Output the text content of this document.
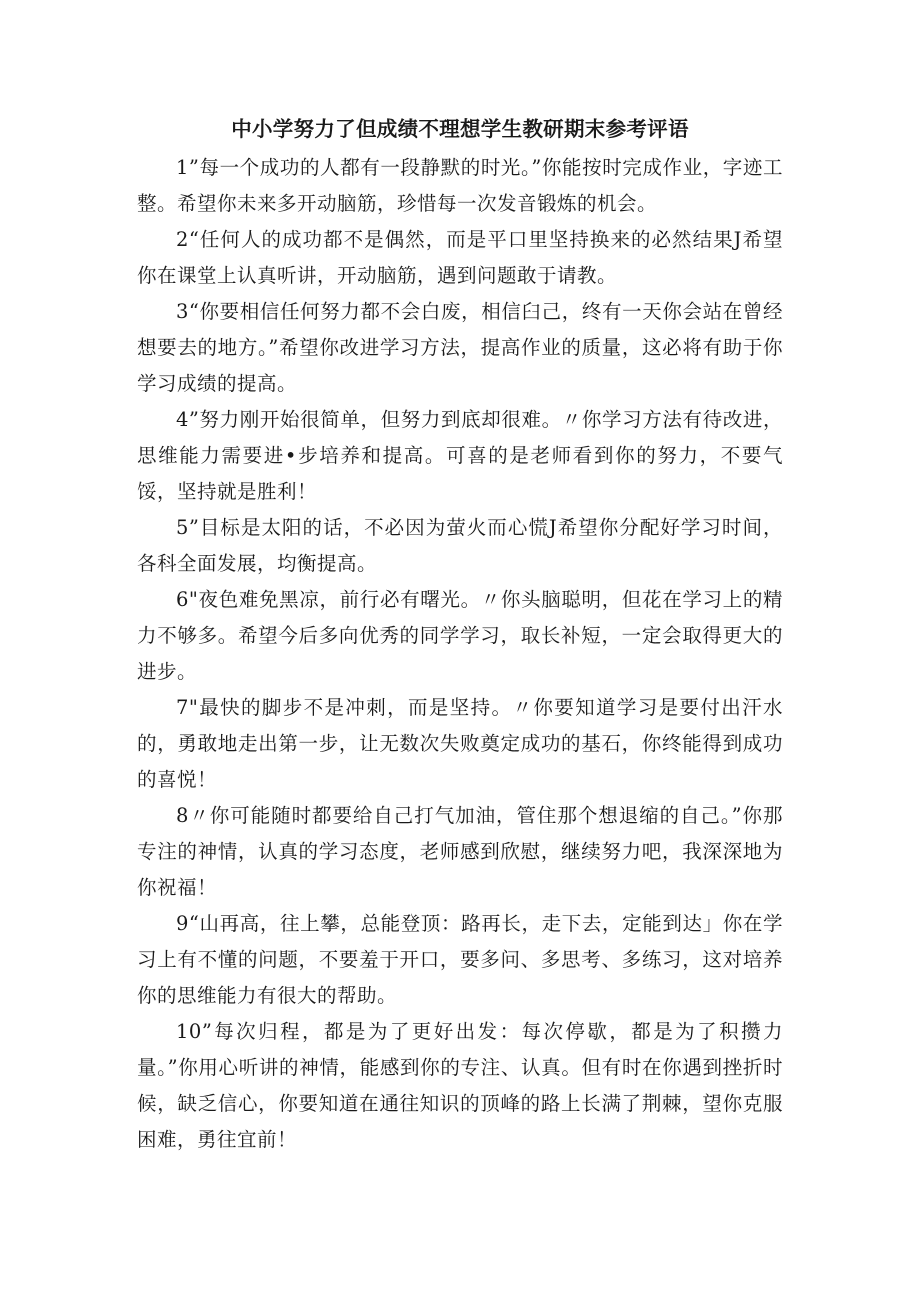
中小学努力了但成绩不理想学生教研期末参考评语

1”每一个成功的人都有一段静默的时光。”你能按时完成作业，字迹工整。希望你未来多开动脑筋，珍惜每一次发音锻炼的机会。

2“任何人的成功都不是偶然，而是平口里坚持换来的必然结果J希望你在课堂上认真听讲，开动脑筋，遇到问题敢于请教。

3“你要相信任何努力都不会白废，相信臼己，终有一天你会站在曾经想要去的地方。”希望你改进学习方法，提高作业的质量，这必将有助于你学习成绩的提高。

4”努力刚开始很简单，但努力到底却很难。〃你学习方法有待改进，思维能力需要进•步培养和提高。可喜的是老师看到你的努力，不要气馁，坚持就是胜利！

5”目标是太阳的话，不必因为萤火而心慌J希望你分配好学习时间，各科全面发展，均衡提高。

6"夜色难免黑凉，前行必有曙光。〃你头脑聪明，但花在学习上的精力不够多。希望今后多向优秀的同学学习，取长补短，一定会取得更大的进步。

7"最快的脚步不是冲刺，而是坚持。〃你要知道学习是要付出汗水的，勇敢地走出第一步，让无数次失败奠定成功的基石，你终能得到成功的喜悦！

8〃你可能随时都要给自己打气加油，管住那个想退缩的自己。”你那专注的神情，认真的学习态度，老师感到欣慰，继续努力吧，我深深地为你祝福！

9“山再高，往上攀，总能登顶：路再长，走下去，定能到达」你在学习上有不懂的问题，不要羞于开口，要多问、多思考、多练习，这对培养你的思维能力有很大的帮助。

10”每次归程，都是为了更好出发：每次停歇，都是为了积攒力量。”你用心听讲的神情，能感到你的专注、认真。但有时在你遇到挫折时候，缺乏信心，你要知道在通往知识的顶峰的路上长满了荆棘，望你克服困难，勇往宜前！
